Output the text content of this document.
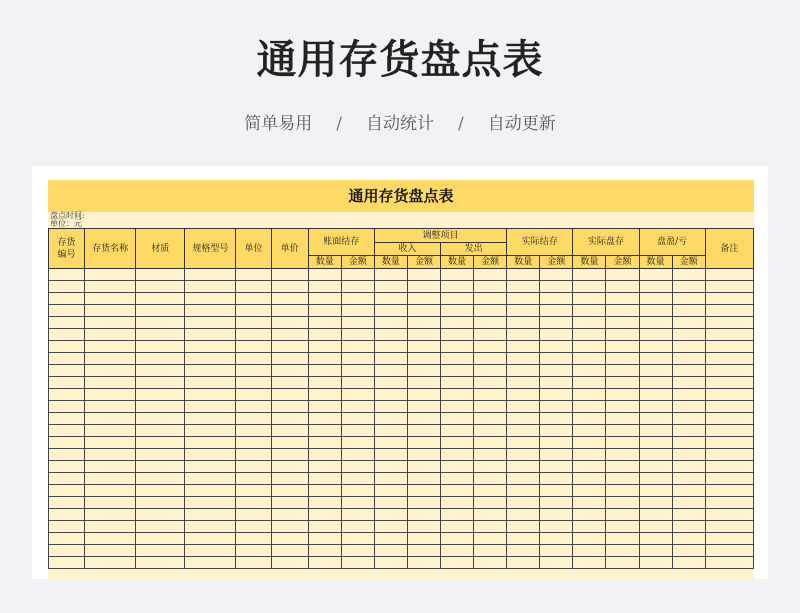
通用存货盘点表
简单易用 / 自动统计 / 自动更新
通用存货盘点表
盘点时间:
单位：元
存货
编号	存货名称	材质	规格型号	单位	单价	账面结存		调整项目				实际结存		实际盘存		盘盈/亏		备注
								收入		发出								
						数量	金额	数量	金额	数量	金额	数量	金额	数量	金额	数量	金额	
